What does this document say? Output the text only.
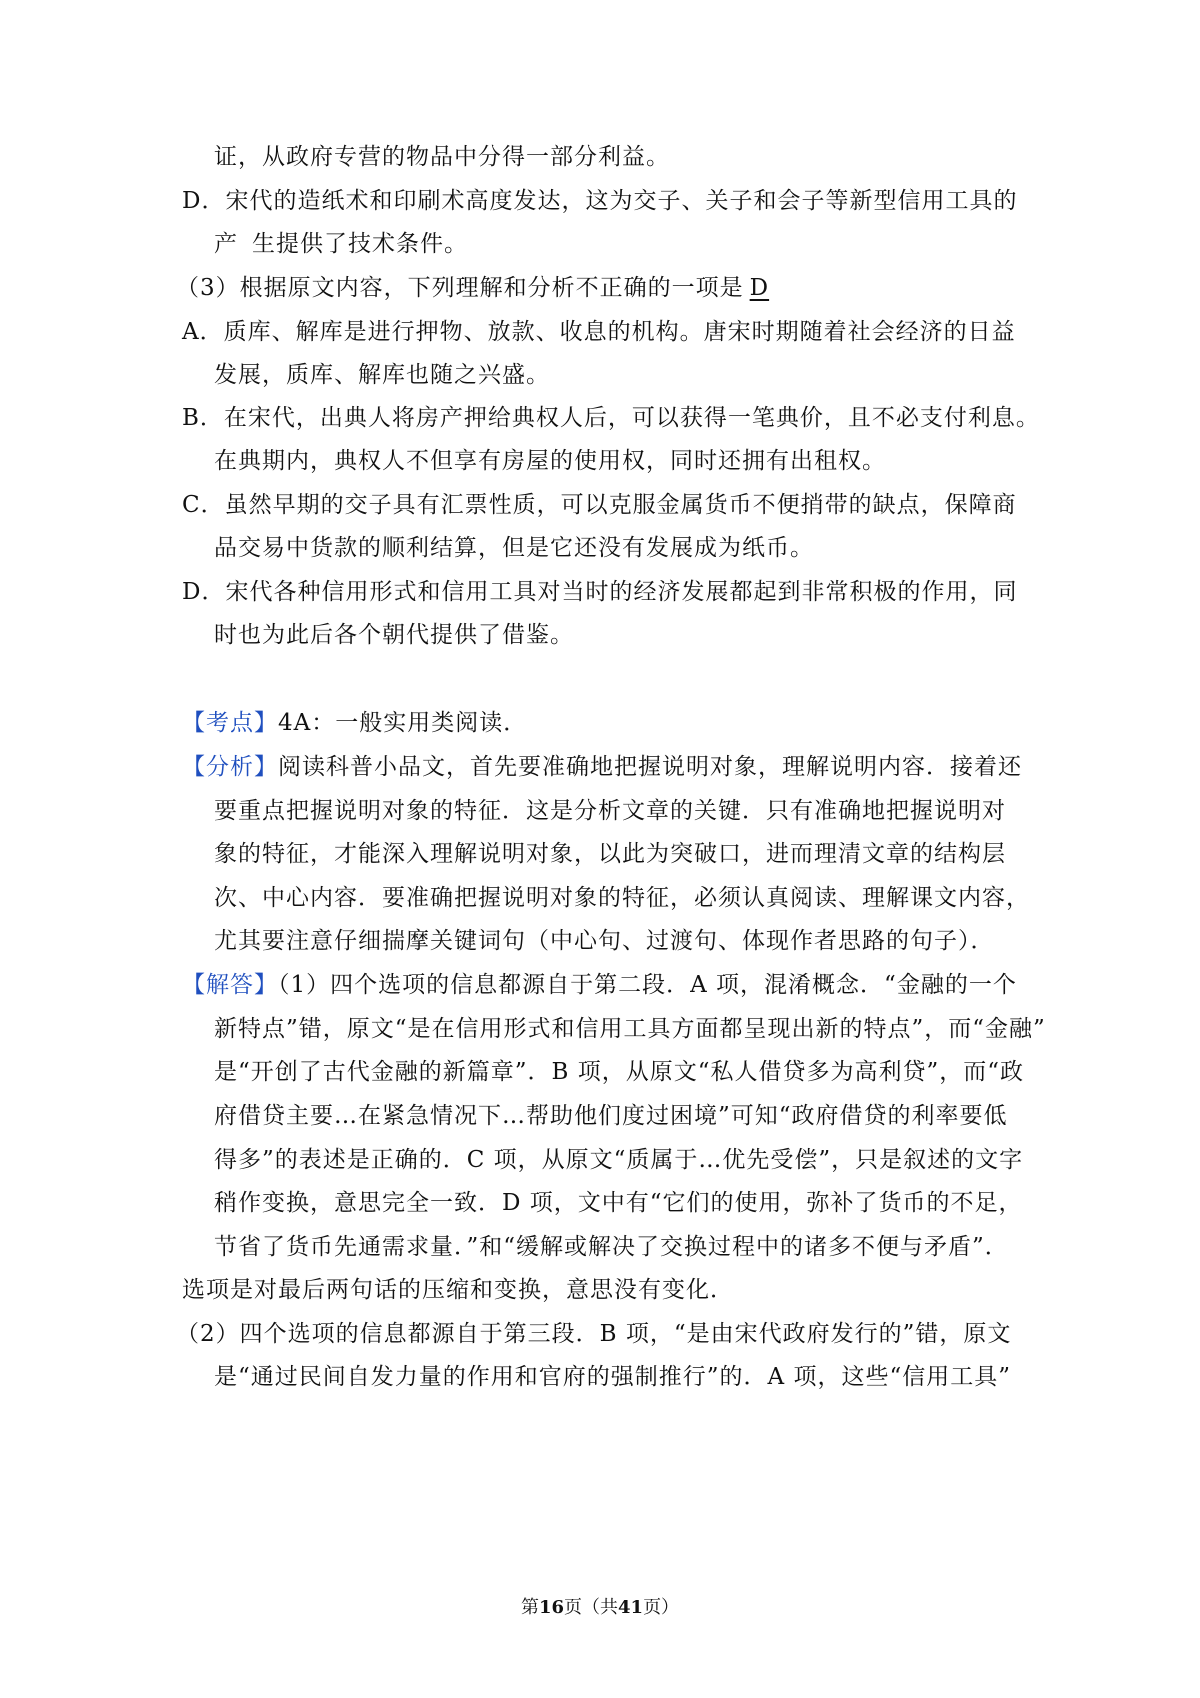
证，从政府专营的物品中分得一部分利益。
D．宋代的造纸术和印刷术高度发达，这为交子、关子和会子等新型信用工具的
产 生提供了技术条件。
（3）根据原文内容，下列理解和分析不正确的一项是 D
A．质库、解库是进行押物、放款、收息的机构。唐宋时期随着社会经济的日益
发展，质库、解库也随之兴盛。
B．在宋代，出典人将房产押给典权人后，可以获得一笔典价，且不必支付利息。
在典期内，典权人不但享有房屋的使用权，同时还拥有出租权。
C．虽然早期的交子具有汇票性质，可以克服金属货币不便捎带的缺点，保障商
品交易中货款的顺利结算，但是它还没有发展成为纸币。
D．宋代各种信用形式和信用工具对当时的经济发展都起到非常积极的作用，同
时也为此后各个朝代提供了借鉴。
【考点】4A：一般实用类阅读．
【分析】阅读科普小品文，首先要准确地把握说明对象，理解说明内容．接着还
要重点把握说明对象的特征．这是分析文章的关键．只有准确地把握说明对
象的特征，才能深入理解说明对象，以此为突破口，进而理清文章的结构层
次、中心内容．要准确把握说明对象的特征，必须认真阅读、理解课文内容，
尤其要注意仔细揣摩关键词句（中心句、过渡句、体现作者思路的句子）．
【解答】（1）四个选项的信息都源自于第二段．A 项，混淆概念．“金融的一个
新特点”错，原文“是在信用形式和信用工具方面都呈现出新的特点”，而“金融”
是“开创了古代金融的新篇章”．B 项，从原文“私人借贷多为高利贷”，而“政
府借贷主要…在紧急情况下…帮助他们度过困境”可知“政府借贷的利率要低
得多”的表述是正确的．C 项，从原文“质属于…优先受偿”，只是叙述的文字
稍作变换，意思完全一致．D 项，文中有“它们的使用，弥补了货币的不足，
节省了货币先通需求量．”和“缓解或解决了交换过程中的诸多不便与矛盾”．
选项是对最后两句话的压缩和变换，意思没有变化．
（2）四个选项的信息都源自于第三段．B 项，“是由宋代政府发行的”错，原文
是“通过民间自发力量的作用和官府的强制推行”的．A 项，这些“信用工具”
第16页（共41页）
